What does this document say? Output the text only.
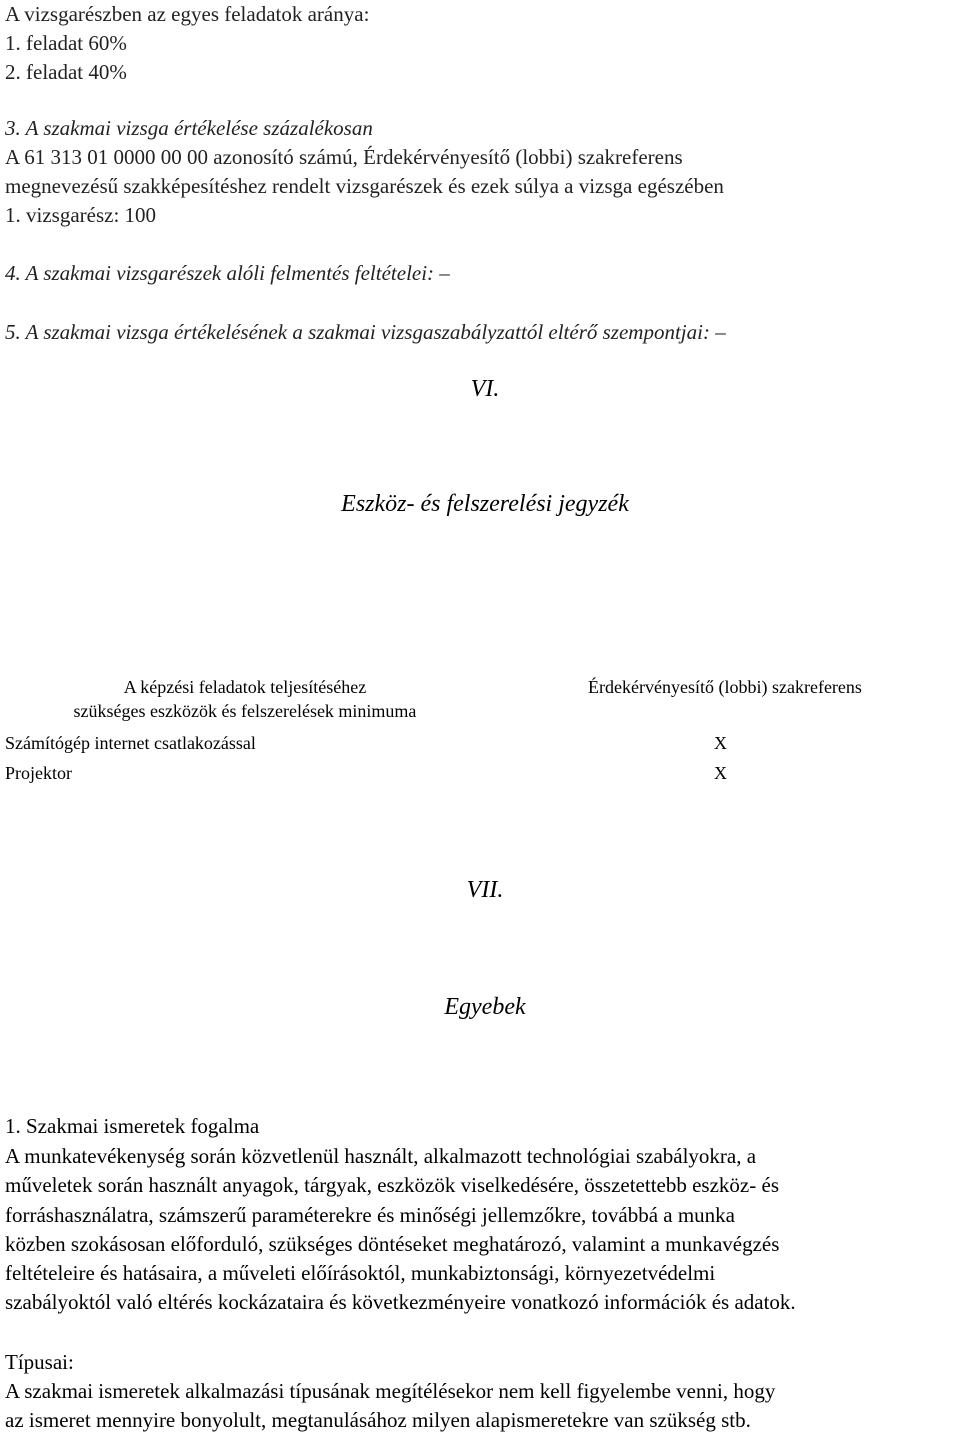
A vizsgarészben az egyes feladatok aránya:
1. feladat 60%
2. feladat 40%
3. A szakmai vizsga értékelése százalékosan
A 61 313 01 0000 00 00 azonosító számú, Érdekérvényesítő (lobbi) szakreferens
megnevezésű szakképesítéshez rendelt vizsgarészek és ezek súlya a vizsga egészében
1. vizsgarész: 100
4. A szakmai vizsgarészek alóli felmentés feltételei: –
5. A szakmai vizsga értékelésének a szakmai vizsgaszabályzattól eltérő szempontjai: –
VI.
Eszköz- és felszerelési jegyzék
A képzési feladatok teljesítéséhez
szükséges eszközök és felszerelések minimuma
Érdekérvényesítő (lobbi) szakreferens
Számítógép internet csatlakozással	X
Projektor	X
VII.
Egyebek
1. Szakmai ismeretek fogalma
A munkatevékenység során közvetlenül használt, alkalmazott technológiai szabályokra, a
műveletek során használt anyagok, tárgyak, eszközök viselkedésére, összetettebb eszköz- és
forráshasználatra, számszerű paraméterekre és minőségi jellemzőkre, továbbá a munka
közben szokásosan előforduló, szükséges döntéseket meghatározó, valamint a munkavégzés
feltételeire és hatásaira, a műveleti előírásoktól, munkabiztonsági, környezetvédelmi
szabályoktól való eltérés kockázataira és következményeire vonatkozó információk és adatok.
Típusai:
A szakmai ismeretek alkalmazási típusának megítélésekor nem kell figyelembe venni, hogy
az ismeret mennyire bonyolult, megtanulásához milyen alapismeretekre van szükség stb.
